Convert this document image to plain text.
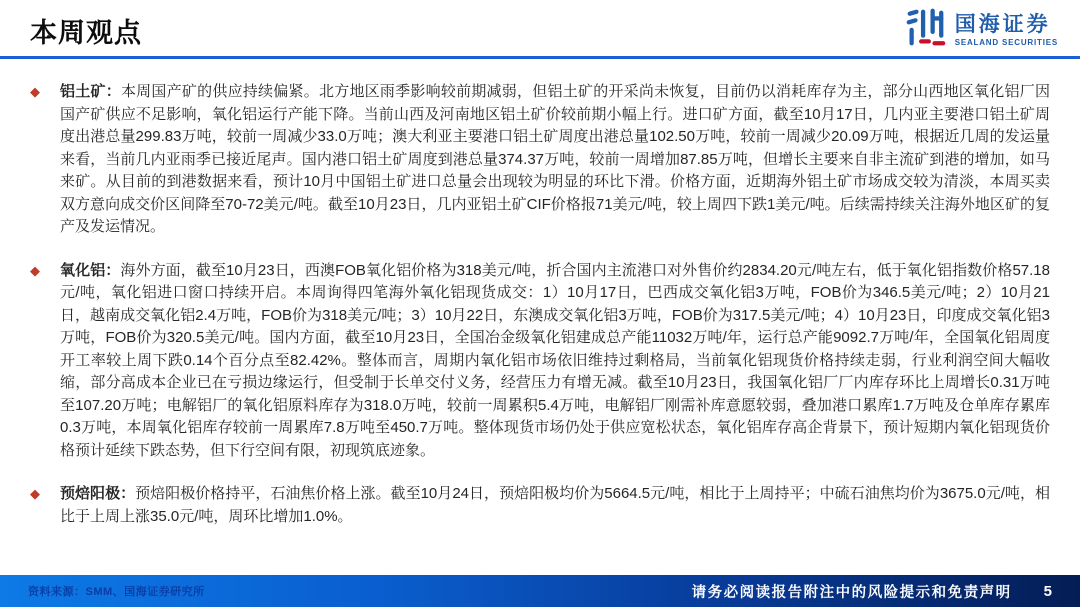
本周观点	国海证券
SEALAND SECURITIES
◆	铝土矿：本周国产矿的供应持续偏紧。北方地区雨季影响较前期减弱，但铝土矿的开采尚未恢复，目前仍以消耗库存为主，部分山西地区氧化铝厂因国产矿供应不足影响，氧化铝运行产能下降。当前山西及河南地区铝土矿价较前期小幅上行。进口矿方面，截至10月17日，几内亚主要港口铝土矿周度出港总量299.83万吨，较前一周减少33.0万吨；澳大利亚主要港口铝土矿周度出港总量102.50万吨，较前一周减少20.09万吨，根据近几周的发运量来看，当前几内亚雨季已接近尾声。国内港口铝土矿周度到港总量374.37万吨，较前一周增加87.85万吨，但增长主要来自非主流矿到港的增加，如马来矿。从目前的到港数据来看，预计10月中国铝土矿进口总量会出现较为明显的环比下滑。价格方面，近期海外铝土矿市场成交较为清淡，本周买卖双方意向成交价区间降至70-72美元/吨。截至10月23日，几内亚铝土矿CIF价格报71美元/吨，较上周四下跌1美元/吨。后续需持续关注海外地区矿的复产及发运情况。
◆	氧化铝：海外方面，截至10月23日，西澳FOB氧化铝价格为318美元/吨，折合国内主流港口对外售价约2834.20元/吨左右，低于氧化铝指数价格57.18元/吨，氧化铝进口窗口持续开启。本周询得四笔海外氧化铝现货成交：1）10月17日，巴西成交氧化铝3万吨，FOB价为346.5美元/吨；2）10月21日，越南成交氧化铝2.4万吨，FOB价为318美元/吨；3）10月22日，东澳成交氧化铝3万吨，FOB价为317.5美元/吨；4）10月23日，印度成交氧化铝3万吨，FOB价为320.5美元/吨。国内方面，截至10月23日，全国冶金级氧化铝建成总产能11032万吨/年，运行总产能9092.7万吨/年，全国氧化铝周度开工率较上周下跌0.14个百分点至82.42%。整体而言，周期内氧化铝市场依旧维持过剩格局，当前氧化铝现货价格持续走弱，行业利润空间大幅收缩，部分高成本企业已在亏损边缘运行，但受制于长单交付义务，经营压力有增无减。截至10月23日，我国氧化铝厂厂内库存环比上周增长0.31万吨至107.20万吨；电解铝厂的氧化铝原料库存为318.0万吨，较前一周累积5.4万吨，电解铝厂刚需补库意愿较弱，叠加港口累库1.7万吨及仓单库存累库0.3万吨，本周氧化铝库存较前一周累库7.8万吨至450.7万吨。整体现货市场仍处于供应宽松状态，氧化铝库存高企背景下，预计短期内氧化铝现货价格预计延续下跌态势，但下行空间有限，初现筑底迹象。
◆	预焙阳极：预焙阳极价格持平，石油焦价格上涨。截至10月24日，预焙阳极均价为5664.5元/吨，相比于上周持平；中硫石油焦均价为3675.0元/吨，相比于上周上涨35.0元/吨，周环比增加1.0%。
资料来源：SMM、国海证券研究所	请务必阅读报告附注中的风险提示和免责声明 5
